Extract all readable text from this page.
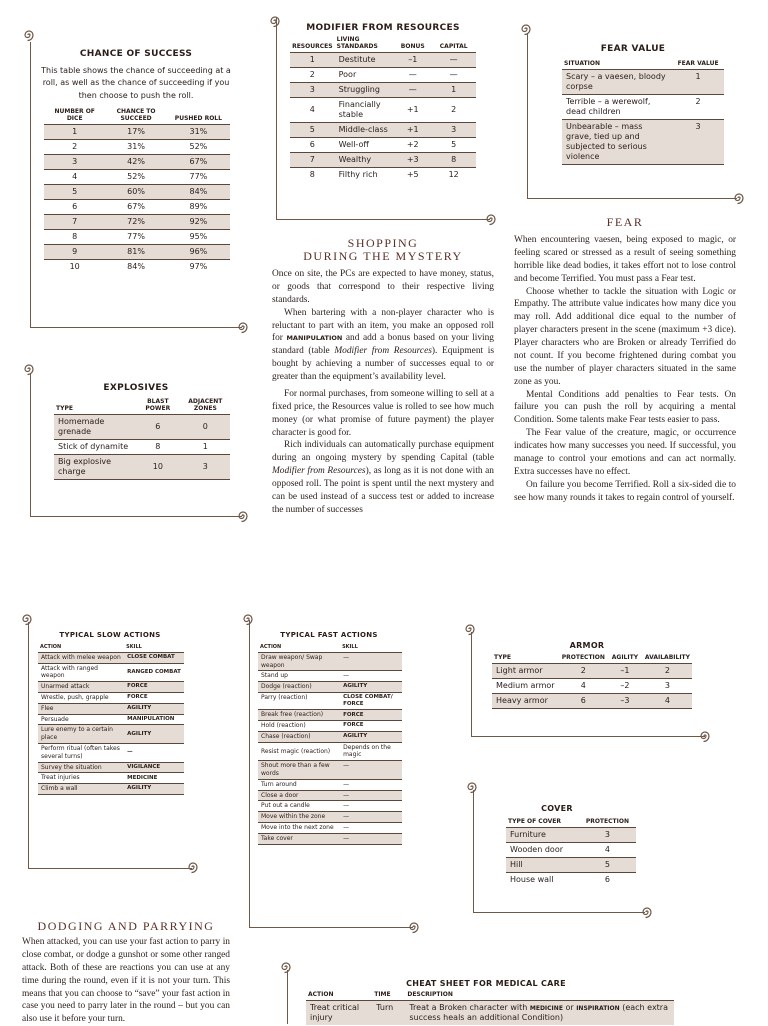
CHANCE OF SUCCESS
This table shows the chance of succeeding at a roll, as well as the chance of succeeding if you then choose to push the roll.
NUMBER OF DICE	CHANCE TO SUCCEED	PUSHED ROLL
1	17%	31%
2	31%	52%
3	42%	67%
4	52%	77%
5	60%	84%
6	67%	89%
7	72%	92%
8	77%	95%
9	81%	96%
10	84%	97%
EXPLOSIVES
TYPE	BLAST POWER	ADJACENT ZONES
Homemade grenade	6	0
Stick of dynamite	8	1
Big explosive charge	10	3
MODIFIER FROM RESOURCES
RESOURCES	LIVING STANDARDS	BONUS	CAPITAL
1	Destitute	–1	—
2	Poor	—	—
3	Struggling	—	1
4	Financially stable	+1	2
5	Middle-class	+1	3
6	Well-off	+2	5
7	Wealthy	+3	8
8	Filthy rich	+5	12
SHOPPING
DURING THE MYSTERY

Once on site, the PCs are expected to have money, status, or goods that correspond to their respective living standards.

When bartering with a non-player character who is reluctant to part with an item, you make an opposed roll for MANIPULATION and add a bonus based on your living standard (table Modifier from Resources). Equipment is bought by achieving a number of successes equal to or greater than the equipment’s availability level.

For normal purchases, from someone willing to sell at a fixed price, the Resources value is rolled to see how much money (or what promise of future payment) the player character is good for.

Rich individuals can automatically purchase equipment during an ongoing mystery by spending Capital (table Modifier from Resources), as long as it is not done with an opposed roll. The point is spent until the next mystery and can be used instead of a success test or added to increase the number of successes

FEAR VALUE
SITUATION	FEAR VALUE
Scary – a vaesen, bloody corpse	1
Terrible – a werewolf, dead children	2
Unbearable – mass grave, tied up and subjected to serious violence	3
FEAR

When encountering vaesen, being exposed to magic, or feeling scared or stressed as a result of seeing something horrible like dead bodies, it takes effort not to lose control and become Terrified. You must pass a Fear test.

Choose whether to tackle the situation with Logic or Empathy. The attribute value indicates how many dice you may roll. Add additional dice equal to the number of player characters present in the scene (maximum +3 dice). Player characters who are Broken or already Terrified do not count. If you become frightened during combat you use the number of player characters situated in the same zone as you.

Mental Conditions add penalties to Fear tests. On failure you can push the roll by acquiring a mental Condition. Some talents make Fear tests easier to pass.

The Fear value of the creature, magic, or occurrence indicates how many successes you need. If successful, you manage to control your emotions and can act normally. Extra successes have no effect.

On failure you become Terrified. Roll a six-sided die to see how many rounds it takes to regain control of yourself.

TYPICAL SLOW ACTIONS
ACTION	SKILL
Attack with melee weapon	CLOSE COMBAT
Attack with ranged weapon	RANGED COMBAT
Unarmed attack	FORCE
Wrestle, push, grapple	FORCE
Flee	AGILITY
Persuade	MANIPULATION
Lure enemy to a certain place	AGILITY
Perform ritual (often takes several turns)	—
Survey the situation	VIGILANCE
Treat injuries	MEDICINE
Climb a wall	AGILITY
TYPICAL FAST ACTIONS
ACTION	SKILL
Draw weapon/ Swap weapon	—
Stand up	—
Dodge (reaction)	AGILITY
Parry (reaction)	CLOSE COMBAT/ FORCE
Break free (reaction)	FORCE
Hold (reaction)	FORCE
Chase (reaction)	AGILITY
Resist magic (reaction)	Depends on the magic
Shout more than a few words	—
Turn around	—
Close a door	—
Put out a candle	—
Move within the zone	—
Move into the next zone	—
Take cover	—
ARMOR
TYPE	PROTECTION	AGILITY	AVAILABILITY
Light armor	2	–1	2
Medium armor	4	–2	3
Heavy armor	6	–3	4
COVER
TYPE OF COVER	PROTECTION
Furniture	3
Wooden door	4
Hill	5
House wall	6
DODGING AND PARRYING

When attacked, you can use your fast action to parry in close combat, or dodge a gunshot or some other ranged attack. Both of these are reactions you can use at any time during the round, even if it is not your turn. This means that you can choose to “save” your fast action in case you need to parry later in the round – but you can also use it before your turn.

CHEAT SHEET FOR MEDICAL CARE
ACTION	TIME	DESCRIPTION
Treat critical injury	Turn	Treat a Broken character with MEDICINE or INSPIRATION (each extra success heals an additional Condition)
